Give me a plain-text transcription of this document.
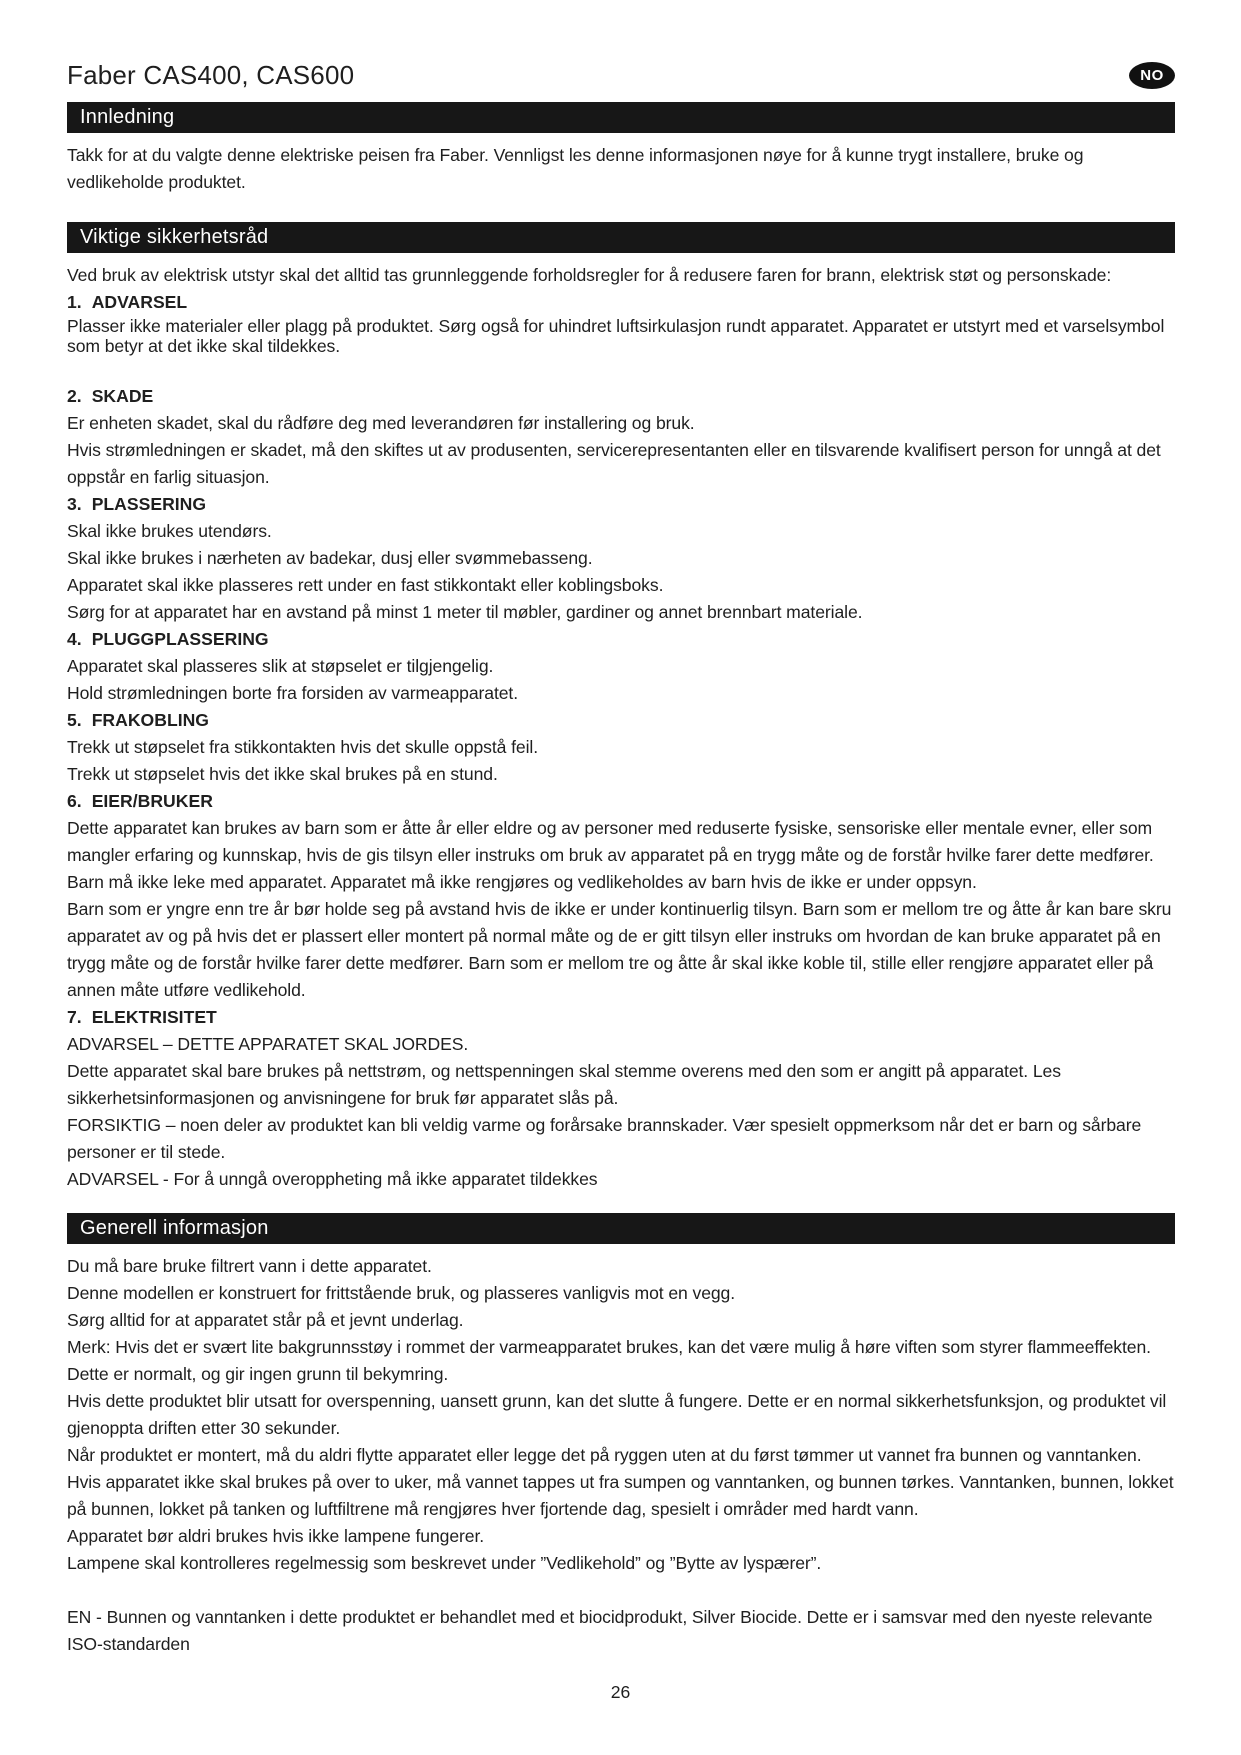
Faber CAS400, CAS600	NO
Innledning

Takk for at du valgte denne elektriske peisen fra Faber. Vennligst les denne informasjonen nøye for å kunne trygt installere, bruke og vedlikeholde produktet.

Viktige sikkerhetsråd

Ved bruk av elektrisk utstyr skal det alltid tas grunnleggende forholdsregler for å redusere faren for brann, elektrisk støt og personskade:

1. ADVARSEL

Plasser ikke materialer eller plagg på produktet. Sørg også for uhindret luftsirkulasjon rundt apparatet. Apparatet er utstyrt med et varselsymbol som betyr at det ikke skal tildekkes.

2. SKADE

Er enheten skadet, skal du rådføre deg med leverandøren før installering og bruk.

Hvis strømledningen er skadet, må den skiftes ut av produsenten, servicerepresentanten eller en tilsvarende kvalifisert person for unngå at det oppstår en farlig situasjon.

3. PLASSERING

Skal ikke brukes utendørs.

Skal ikke brukes i nærheten av badekar, dusj eller svømmebasseng.

Apparatet skal ikke plasseres rett under en fast stikkontakt eller koblingsboks.

Sørg for at apparatet har en avstand på minst 1 meter til møbler, gardiner og annet brennbart materiale.

4. PLUGGPLASSERING

Apparatet skal plasseres slik at støpselet er tilgjengelig.

Hold strømledningen borte fra forsiden av varmeapparatet.

5. FRAKOBLING

Trekk ut støpselet fra stikkontakten hvis det skulle oppstå feil.

Trekk ut støpselet hvis det ikke skal brukes på en stund.

6. EIER/BRUKER

Dette apparatet kan brukes av barn som er åtte år eller eldre og av personer med reduserte fysiske, sensoriske eller mentale evner, eller som mangler erfaring og kunnskap, hvis de gis tilsyn eller instruks om bruk av apparatet på en trygg måte og de forstår hvilke farer dette medfører. Barn må ikke leke med apparatet. Apparatet må ikke rengjøres og vedlikeholdes av barn hvis de ikke er under oppsyn.

Barn som er yngre enn tre år bør holde seg på avstand hvis de ikke er under kontinuerlig tilsyn. Barn som er mellom tre og åtte år kan bare skru apparatet av og på hvis det er plassert eller montert på normal måte og de er gitt tilsyn eller instruks om hvordan de kan bruke apparatet på en trygg måte og de forstår hvilke farer dette medfører. Barn som er mellom tre og åtte år skal ikke koble til, stille eller rengjøre apparatet eller på annen måte utføre vedlikehold.

7. ELEKTRISITET

ADVARSEL – DETTE APPARATET SKAL JORDES.

Dette apparatet skal bare brukes på nettstrøm, og nettspenningen skal stemme overens med den som er angitt på apparatet. Les sikkerhetsinformasjonen og anvisningene for bruk før apparatet slås på.

FORSIKTIG – noen deler av produktet kan bli veldig varme og forårsake brannskader. Vær spesielt oppmerksom når det er barn og sårbare personer er til stede.

ADVARSEL - For å unngå overoppheting må ikke apparatet tildekkes

Generell informasjon

Du må bare bruke filtrert vann i dette apparatet.

Denne modellen er konstruert for frittstående bruk, og plasseres vanligvis mot en vegg.

Sørg alltid for at apparatet står på et jevnt underlag.

Merk: Hvis det er svært lite bakgrunnsstøy i rommet der varmeapparatet brukes, kan det være mulig å høre viften som styrer flammeeffekten. Dette er normalt, og gir ingen grunn til bekymring.

Hvis dette produktet blir utsatt for overspenning, uansett grunn, kan det slutte å fungere. Dette er en normal sikkerhetsfunksjon, og produktet vil gjenoppta driften etter 30 sekunder.

Når produktet er montert, må du aldri flytte apparatet eller legge det på ryggen uten at du først tømmer ut vannet fra bunnen og vanntanken.

Hvis apparatet ikke skal brukes på over to uker, må vannet tappes ut fra sumpen og vanntanken, og bunnen tørkes. Vanntanken, bunnen, lokket på bunnen, lokket på tanken og luftfiltrene må rengjøres hver fjortende dag, spesielt i områder med hardt vann.

Apparatet bør aldri brukes hvis ikke lampene fungerer.

Lampene skal kontrolleres regelmessig som beskrevet under ”Vedlikehold” og ”Bytte av lyspærer”.

EN - Bunnen og vanntanken i dette produktet er behandlet med et biocidprodukt, Silver Biocide. Dette er i samsvar med den nyeste relevante ISO-standarden

26
